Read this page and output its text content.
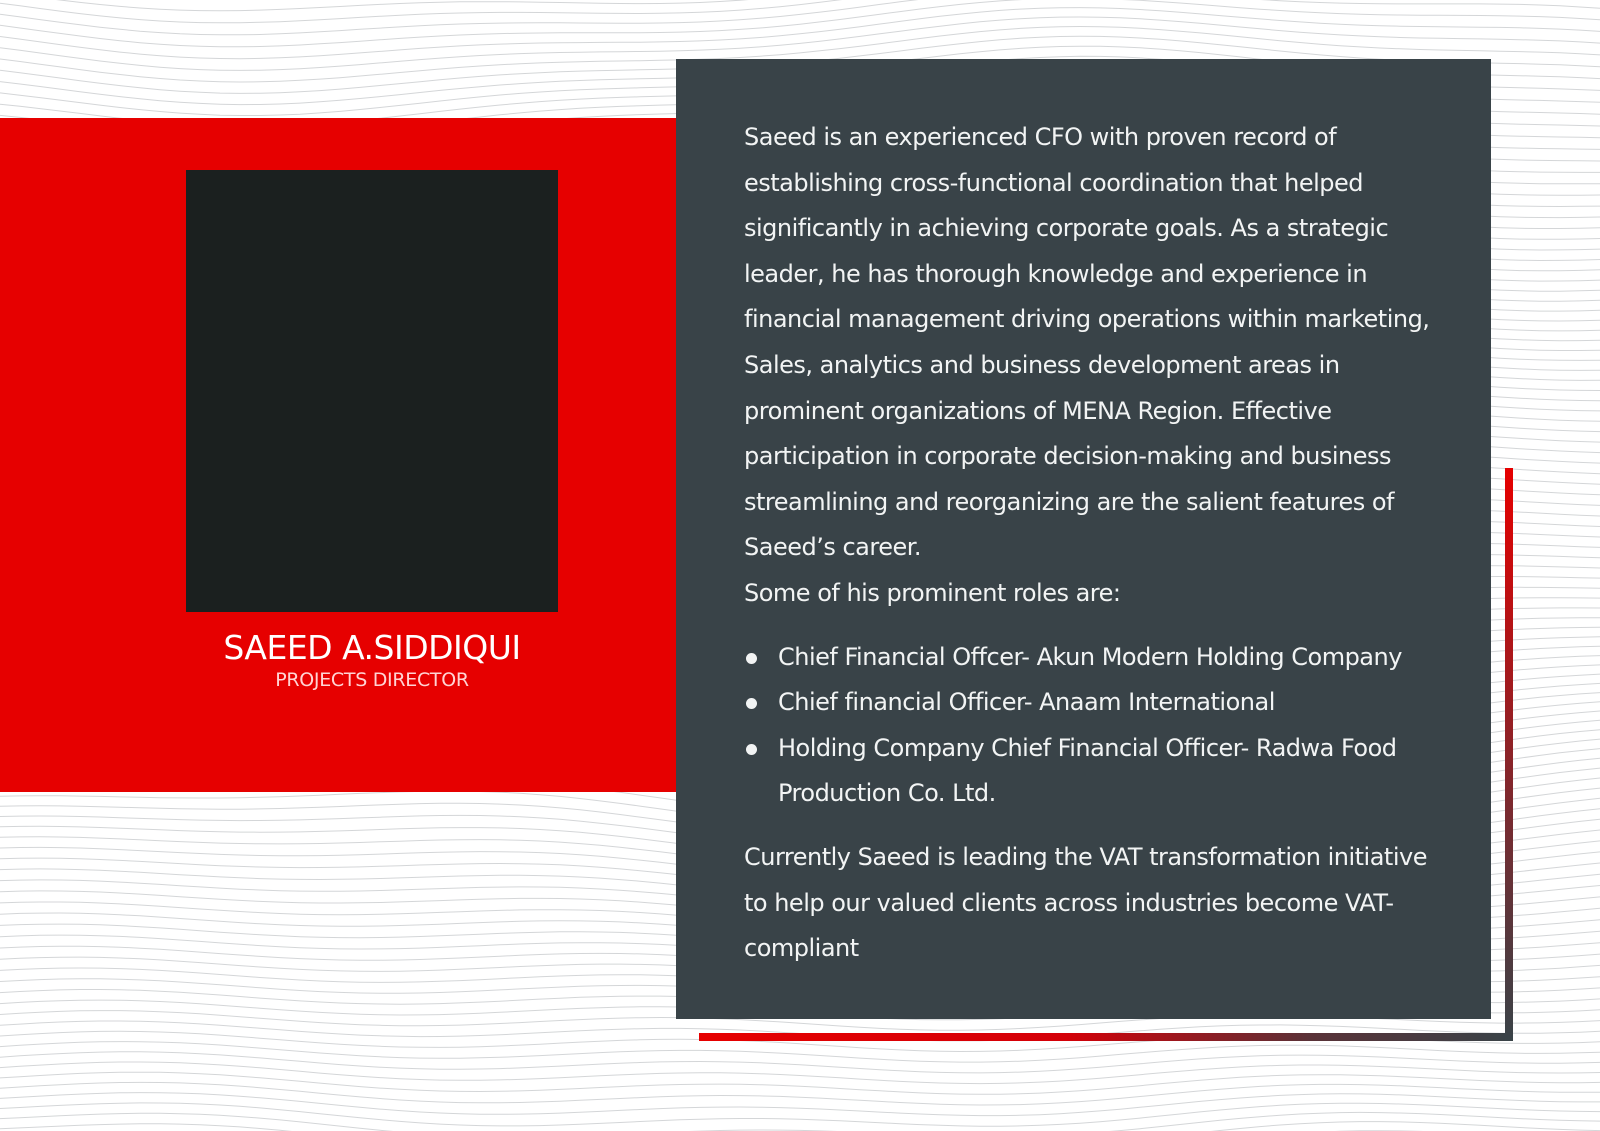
SAEED A.SIDDIQUI
PROJECTS DIRECTOR

Saeed is an experienced CFO with proven record of establishing cross-functional coordination that helped significantly in achieving corporate goals. As a strategic leader, he has thorough knowledge and experience in financial management driving operations within marketing, Sales, analytics and business development areas in prominent organizations of MENA Region. Effective participation in corporate decision-making and business streamlining and reorganizing are the salient features of Saeed’s career.

Some of his prominent roles are:

Chief Financial Offcer- Akun Modern Holding Company
Chief financial Officer- Anaam International
Holding Company Chief Financial Officer- Radwa Food Production Co. Ltd.

Currently Saeed is leading the VAT transformation initiative to help our valued clients across industries become VAT-compliant
